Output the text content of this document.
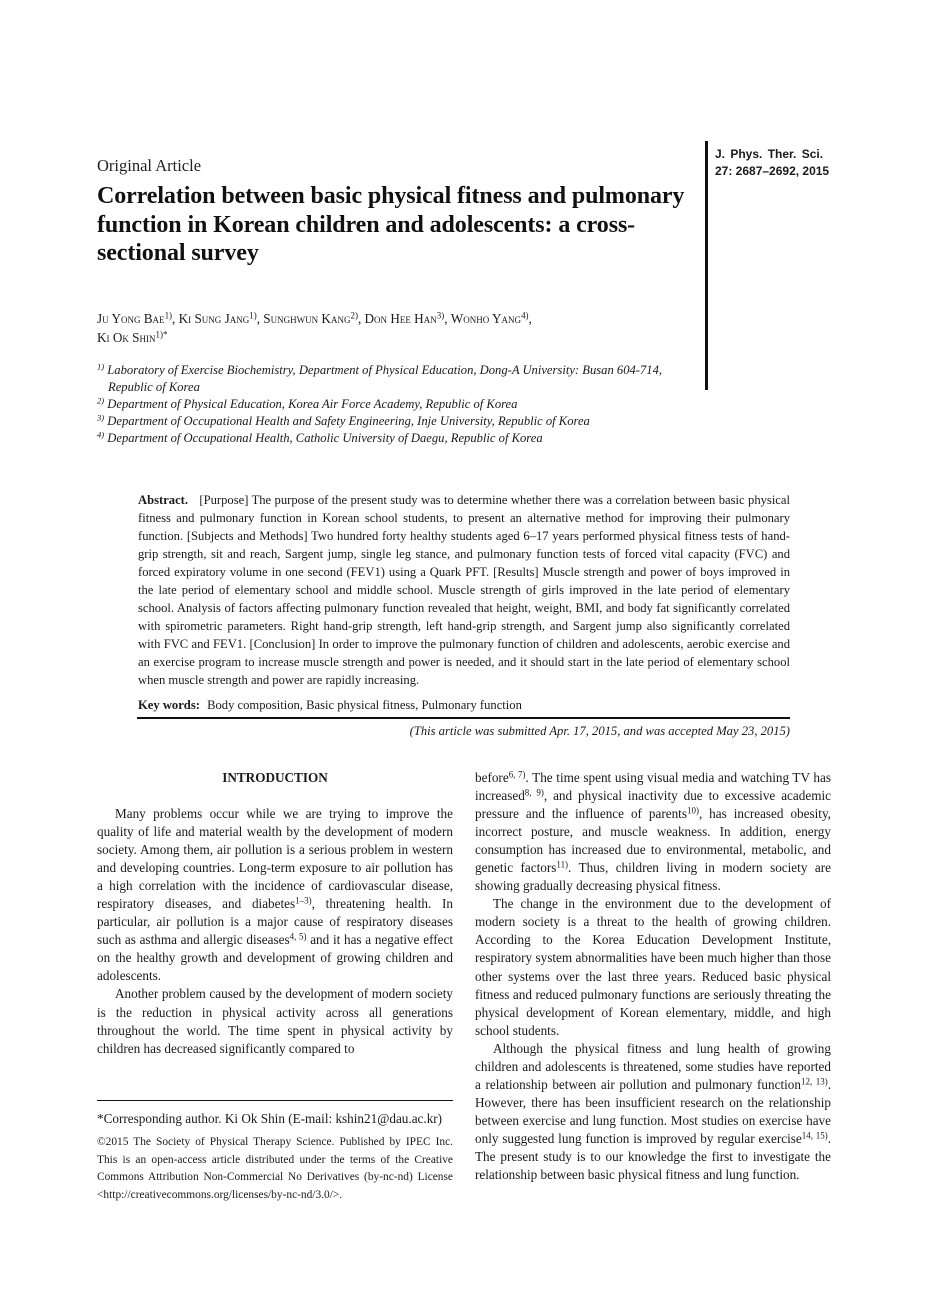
J. Phys. Ther. Sci.
27: 2687–2692, 2015
Original Article
Correlation between basic physical fitness and pulmonary function in Korean children and adolescents: a cross-sectional survey
Ju Yong Bae$^{1)}$, Ki Sung Jang$^{1)}$, Sunghwun Kang$^{2)}$, Don Hee Han$^{3)}$, Wonho Yang$^{4)}$,
Ki Ok Shin$^{1)*}$
$^{1)}$ Laboratory of Exercise Biochemistry, Department of Physical Education, Dong-A University: Busan 604-714, Republic of Korea
$^{2)}$ Department of Physical Education, Korea Air Force Academy, Republic of Korea
$^{3)}$ Department of Occupational Health and Safety Engineering, Inje University, Republic of Korea
$^{4)}$ Department of Occupational Health, Catholic University of Daegu, Republic of Korea
Abstract. [Purpose] The purpose of the present study was to determine whether there was a correlation between basic physical fitness and pulmonary function in Korean school students, to present an alternative method for improving their pulmonary function. [Subjects and Methods] Two hundred forty healthy students aged 6–17 years performed physical fitness tests of hand-grip strength, sit and reach, Sargent jump, single leg stance, and pulmonary function tests of forced vital capacity (FVC) and forced expiratory volume in one second (FEV1) using a Quark PFT. [Results] Muscle strength and power of boys improved in the late period of elementary school and middle school. Muscle strength of girls improved in the late period of elementary school. Analysis of factors affecting pulmonary function revealed that height, weight, BMI, and body fat significantly correlated with spirometric parameters. Right hand-grip strength, left hand-grip strength, and Sargent jump also significantly correlated with FVC and FEV1. [Conclusion] In order to improve the pulmonary function of children and adolescents, aerobic exercise and an exercise program to increase muscle strength and power is needed, and it should start in the late period of elementary school when muscle strength and power are rapidly increasing.
Key words: Body composition, Basic physical fitness, Pulmonary function
(This article was submitted Apr. 17, 2015, and was accepted May 23, 2015)
INTRODUCTION

Many problems occur while we are trying to improve the quality of life and material wealth by the development of modern society. Among them, air pollution is a serious problem in western and developing countries. Long-term exposure to air pollution has a high correlation with the incidence of cardiovascular disease, respiratory diseases, and diabetes$^{1-3)}$, threatening health. In particular, air pollution is a major cause of respiratory diseases such as asthma and allergic diseases$^{4, 5)}$ and it has a negative effect on the healthy growth and development of growing children and adolescents.

Another problem caused by the development of modern society is the reduction in physical activity across all generations throughout the world. The time spent in physical activity by children has decreased significantly compared to

before$^{6, 7)}$. The time spent using visual media and watching TV has increased$^{8, 9)}$, and physical inactivity due to excessive academic pressure and the influence of parents$^{10)}$, has increased obesity, incorrect posture, and muscle weakness. In addition, energy consumption has increased due to environmental, metabolic, and genetic factors$^{11)}$. Thus, children living in modern society are showing gradually decreasing physical fitness.

The change in the environment due to the development of modern society is a threat to the health of growing children. According to the Korea Education Development Institute, respiratory system abnormalities have been much higher than those other systems over the last three years. Reduced basic physical fitness and reduced pulmonary functions are seriously threating the physical development of Korean elementary, middle, and high school students.

Although the physical fitness and lung health of growing children and adolescents is threatened, some studies have reported a relationship between air pollution and pulmonary function$^{12, 13)}$. However, there has been insufficient research on the relationship between exercise and lung function. Most studies on exercise have only suggested lung function is improved by regular exercise$^{14, 15)}$. The present study is to our knowledge the first to investigate the relationship between basic physical fitness and lung function.

*Corresponding author. Ki Ok Shin (E-mail: kshin21@dau.ac.kr)
©2015 The Society of Physical Therapy Science. Published by IPEC Inc. This is an open-access article distributed under the terms of the Creative Commons Attribution Non-Commercial No Derivatives (by-nc-nd) License <http://creativecommons.org/licenses/by-nc-nd/3.0/>.
